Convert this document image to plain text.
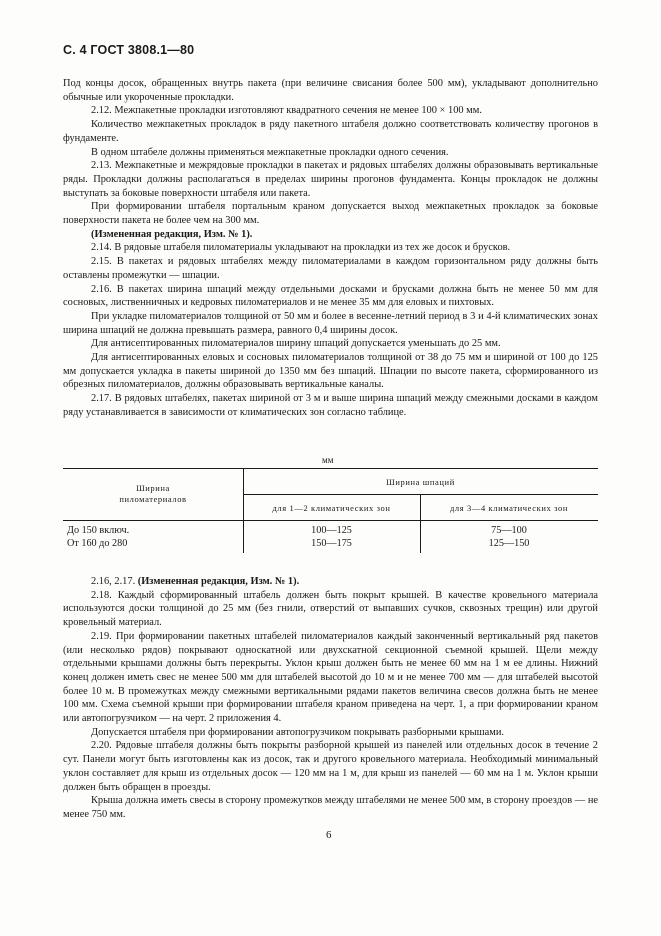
С. 4 ГОСТ 3808.1—80

Под концы досок, обращенных внутрь пакета (при величине свисания более 500 мм), укладывают дополнительно обычные или укороченные прокладки.

2.12. Межпакетные прокладки изготовляют квадратного сечения не менее 100 × 100 мм.

Количество межпакетных прокладок в ряду пакетного штабеля должно соответствовать количеству прогонов в фундаменте.

В одном штабеле должны применяться межпакетные прокладки одного сечения.

2.13. Межпакетные и межрядовые прокладки в пакетах и рядовых штабелях должны образовывать вертикальные ряды. Прокладки должны располагаться в пределах ширины прогонов фундамента. Концы прокладок не должны выступать за боковые поверхности штабеля или пакета.

При формировании штабеля портальным краном допускается выход межпакетных прокладок за боковые поверхности пакета не более чем на 300 мм.

(Измененная редакция, Изм. № 1).

2.14. В рядовые штабеля пиломатериалы укладывают на прокладки из тех же досок и брусков.

2.15. В пакетах и рядовых штабелях между пиломатериалами в каждом горизонтальном ряду должны быть оставлены промежутки — шпации.

2.16. В пакетах ширина шпаций между отдельными досками и брусками должна быть не менее 50 мм для сосновых, лиственничных и кедровых пиломатериалов и не менее 35 мм для еловых и пихтовых.

При укладке пиломатериалов толщиной от 50 мм и более в весенне-летний период в 3 и 4-й климатических зонах ширина шпаций не должна превышать размера, равного 0,4 ширины досок.

Для антисептированных пиломатериалов ширину шпаций допускается уменьшать до 25 мм.

Для антисептированных еловых и сосновых пиломатериалов толщиной от 38 до 75 мм и шириной от 100 до 125 мм допускается укладка в пакеты шириной до 1350 мм без шпаций. Шпации по высоте пакета, сформированного из обрезных пиломатериалов, должны образовывать вертикальные каналы.

2.17. В рядовых штабелях, пакетах шириной от 3 м и выше ширина шпаций между смежными досками в каждом ряду устанавливается в зависимости от климатических зон согласно таблице.

мм
Ширина
пиломатериалов
Ширина шпаций
для 1—2 климатических зон	для 3—4 климатических зон
До 150 включ.
От 160 до 280
100—125
150—175
75—100
125—150

2.16, 2.17. (Измененная редакция, Изм. № 1).

2.18. Каждый сформированный штабель должен быть покрыт крышей. В качестве кровельного материала используются доски толщиной до 25 мм (без гнили, отверстий от выпавших сучков, сквозных трещин) или другой кровельный материал.

2.19. При формировании пакетных штабелей пиломатериалов каждый законченный вертикальный ряд пакетов (или несколько рядов) покрывают односкатной или двухскатной секционной съемной крышей. Щели между отдельными крышами должны быть перекрыты. Уклон крыш должен быть не менее 60 мм на 1 м ее длины. Нижний конец должен иметь свес не менее 500 мм для штабелей высотой до 10 м и не менее 700 мм — для штабелей высотой более 10 м. В промежутках между смежными вертикальными рядами пакетов величина свесов должна быть не менее 100 мм. Схема съемной крыши при формировании штабеля краном приведена на черт. 1, а при формировании краном или автопогрузчиком — на черт. 2 приложения 4.

Допускается штабеля при формировании автопогрузчиком покрывать разборными крышами.

2.20. Рядовые штабеля должны быть покрыты разборной крышей из панелей или отдельных досок в течение 2 сут. Панели могут быть изготовлены как из досок, так и другого кровельного материала. Необходимый минимальный уклон составляет для крыш из отдельных досок — 120 мм на 1 м, для крыш из панелей — 60 мм на 1 м. Уклон крыши должен быть обращен в проезды.

Крыша должна иметь свесы в сторону промежутков между штабелями не менее 500 мм, в сторону проездов — не менее 750 мм.

6
